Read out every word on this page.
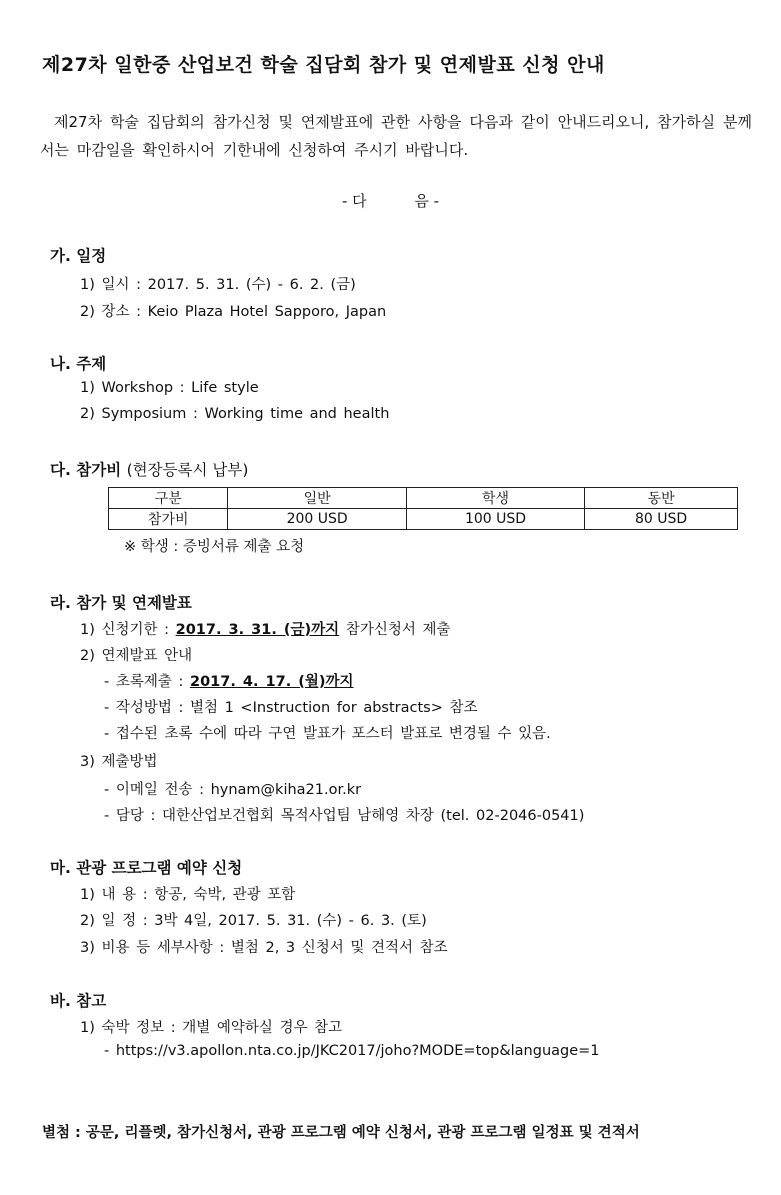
제27차 일한중 산업보건 학술 집담회 참가 및 연제발표 신청 안내
제27차 학술 집담회의 참가신청 및 연제발표에 관한 사항을 다음과 같이 안내드리오니, 참가하실 분께서는 마감일을 확인하시어 기한내에 신청하여 주시기 바랍니다.
- 다          음 -
가. 일정
1) 일시 : 2017. 5. 31. (수) - 6. 2. (금)
2) 장소 : Keio Plaza Hotel Sapporo, Japan
나. 주제
1) Workshop : Life style
2) Symposium : Working time and health
다. 참가비 (현장등록시 납부)
구분	일반	학생	동반
참가비	200 USD	100 USD	80 USD
※ 학생 : 증빙서류 제출 요청
라. 참가 및 연제발표
1) 신청기한 : 2017. 3. 31. (금)까지 참가신청서 제출
2) 연제발표 안내
- 초록제출 : 2017. 4. 17. (월)까지
- 작성방법 : 별첨 1 <Instruction for abstracts> 참조
- 접수된 초록 수에 따라 구연 발표가 포스터 발표로 변경될 수 있음.
3) 제출방법
- 이메일 전송 : hynam@kiha21.or.kr
- 담당 : 대한산업보건협회 목적사업팀 남해영 차장 (tel. 02-2046-0541)
마. 관광 프로그램 예약 신청
1) 내 용 : 항공, 숙박, 관광 포함
2) 일 정 : 3박 4일, 2017. 5. 31. (수) - 6. 3. (토)
3) 비용 등 세부사항 : 별첨 2, 3 신청서 및 견적서 참조
바. 참고
1) 숙박 정보 : 개별 예약하실 경우 참고
- https://v3.apollon.nta.co.jp/JKC2017/joho?MODE=top&language=1
별첨 : 공문, 리플렛, 참가신청서, 관광 프로그램 예약 신청서, 관광 프로그램 일정표 및 견적서
